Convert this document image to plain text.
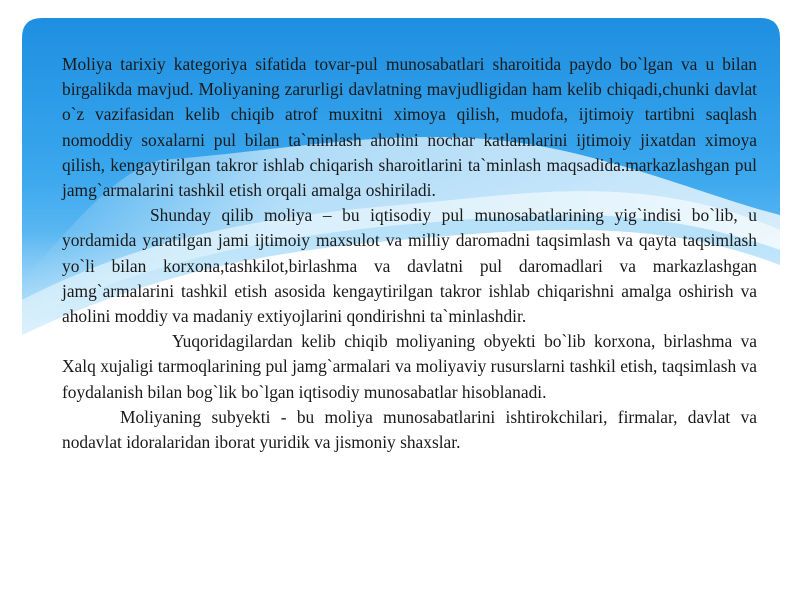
Moliya tarixiy kategoriya sifatida tovar-pul munosabatlari sharoitida paydo bo`lgan va u bilan birgalikda mavjud. Moliyaning zarurligi davlatning mavjudligidan ham kelib chiqadi,chunki davlat o`z vazifasidan kelib chiqib atrof muxitni ximoya qilish, mudofa, ijtimoiy tartibni saqlash nomoddiy soxalarni pul bilan ta`minlash aholini nochar katlamlarini ijtimoiy jixatdan ximoya qilish, kengaytirilgan takror ishlab chiqarish sharoitlarini ta`minlash maqsadida.markazlashgan pul jamg`armalarini tashkil etish orqali amalga oshiriladi.

Shunday qilib moliya – bu iqtisodiy pul munosabatlarining yig`indisi bo`lib, u yordamida yaratilgan jami ijtimoiy maxsulot va milliy daromadni taqsimlash va qayta taqsimlash yo`li bilan korxona,tashkilot,birlashma va davlatni pul daromadlari va markazlashgan jamg`armalarini tashkil etish asosida kengaytirilgan takror ishlab chiqarishni amalga oshirish va aholini moddiy va madaniy extiyojlarini qondirishni ta`minlashdir.

Yuqoridagilardan kelib chiqib moliyaning obyekti bo`lib korxona, birlashma va Xalq xujaligi tarmoqlarining pul jamg`armalari va moliyaviy rusurslarni tashkil etish, taqsimlash va foydalanish bilan bog`lik bo`lgan iqtisodiy munosabatlar hisoblanadi.

Moliyaning subyekti - bu moliya munosabatlarini ishtirokchilari, firmalar, davlat va nodavlat idoralaridan iborat yuridik va jismoniy shaxslar.
